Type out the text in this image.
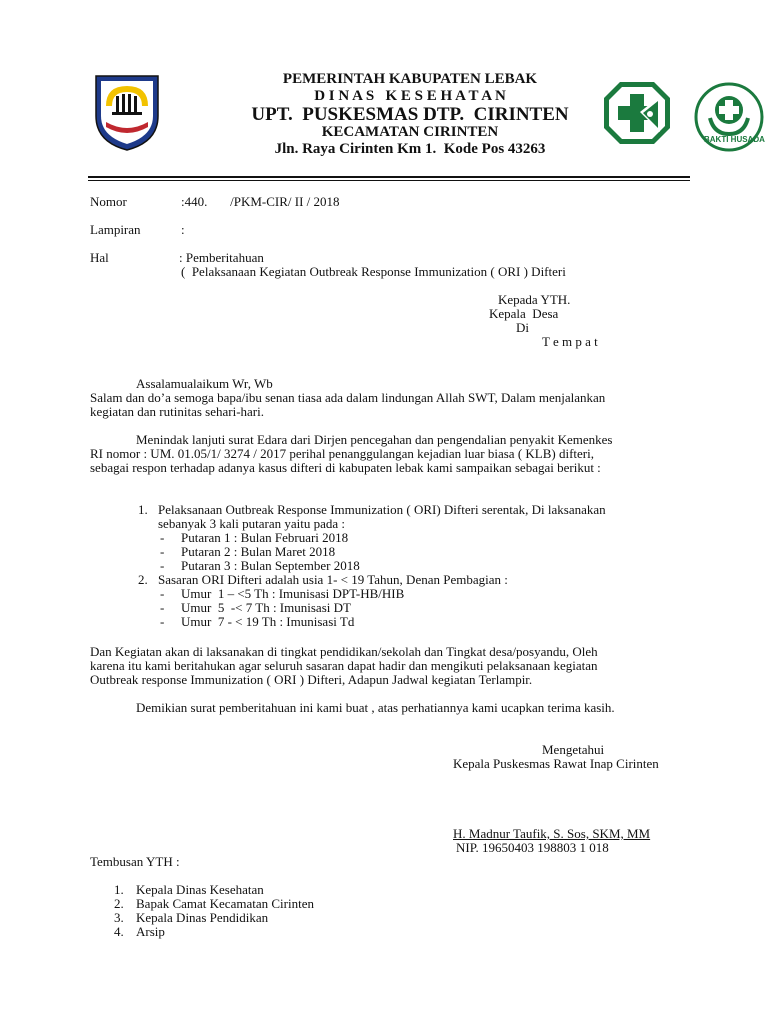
BAKTI HUSADA
PEMERINTAH KABUPATEN LEBAK
D I N A S   K E S E H A T A N
UPT.  PUSKESMAS DTP.  CIRINTEN
KECAMATAN CIRINTEN
Jln. Raya Cirinten Km 1.  Kode Pos 43263
Nomor	:440.       /PKM-CIR/ II / 2018
Lampiran	:
Hal	: Pemberitahuan
(  Pelaksanaan Kegiatan Outbreak Response Immunization ( ORI ) Difteri
Kepada YTH.
Kepala  Desa
Di
T e m p a t
Assalamualaikum Wr, Wb
Salam dan do’a semoga bapa/ibu senan tiasa ada dalam lindungan Allah SWT, Dalam menjalankan
kegiatan dan rutinitas sehari-hari.
Menindak lanjuti surat Edara dari Dirjen pencegahan dan pengendalian penyakit Kemenkes
RI nomor : UM. 01.05/1/ 3274 / 2017 perihal penanggulangan kejadian luar biasa ( KLB) difteri,
sebagai respon terhadap adanya kasus difteri di kabupaten lebak kami sampaikan sebagai berikut :
1. Pelaksanaan Outbreak Response Immunization ( ORI) Difteri serentak, Di laksanakan
sebanyak 3 kali putaran yaitu pada :
- Putaran 1 : Bulan Februari 2018
- Putaran 2 : Bulan Maret 2018
- Putaran 3 : Bulan September 2018
2. Sasaran ORI Difteri adalah usia 1- < 19 Tahun, Denan Pembagian :
- Umur  1 – <5 Th : Imunisasi DPT-HB/HIB
- Umur  5  -< 7 Th : Imunisasi DT
- Umur  7 - < 19 Th : Imunisasi Td
Dan Kegiatan akan di laksanakan di tingkat pendidikan/sekolah dan Tingkat desa/posyandu, Oleh
karena itu kami beritahukan agar seluruh sasaran dapat hadir dan mengikuti pelaksanaan kegiatan
Outbreak response Immunization ( ORI ) Difteri, Adapun Jadwal kegiatan Terlampir.
Demikian surat pemberitahuan ini kami buat , atas perhatiannya kami ucapkan terima kasih.
Mengetahui
Kepala Puskesmas Rawat Inap Cirinten
H. Madnur Taufik, S. Sos, SKM, MM
NIP. 19650403 198803 1 018
Tembusan YTH :
1. Kepala Dinas Kesehatan
2. Bapak Camat Kecamatan Cirinten
3. Kepala Dinas Pendidikan
4. Arsip
